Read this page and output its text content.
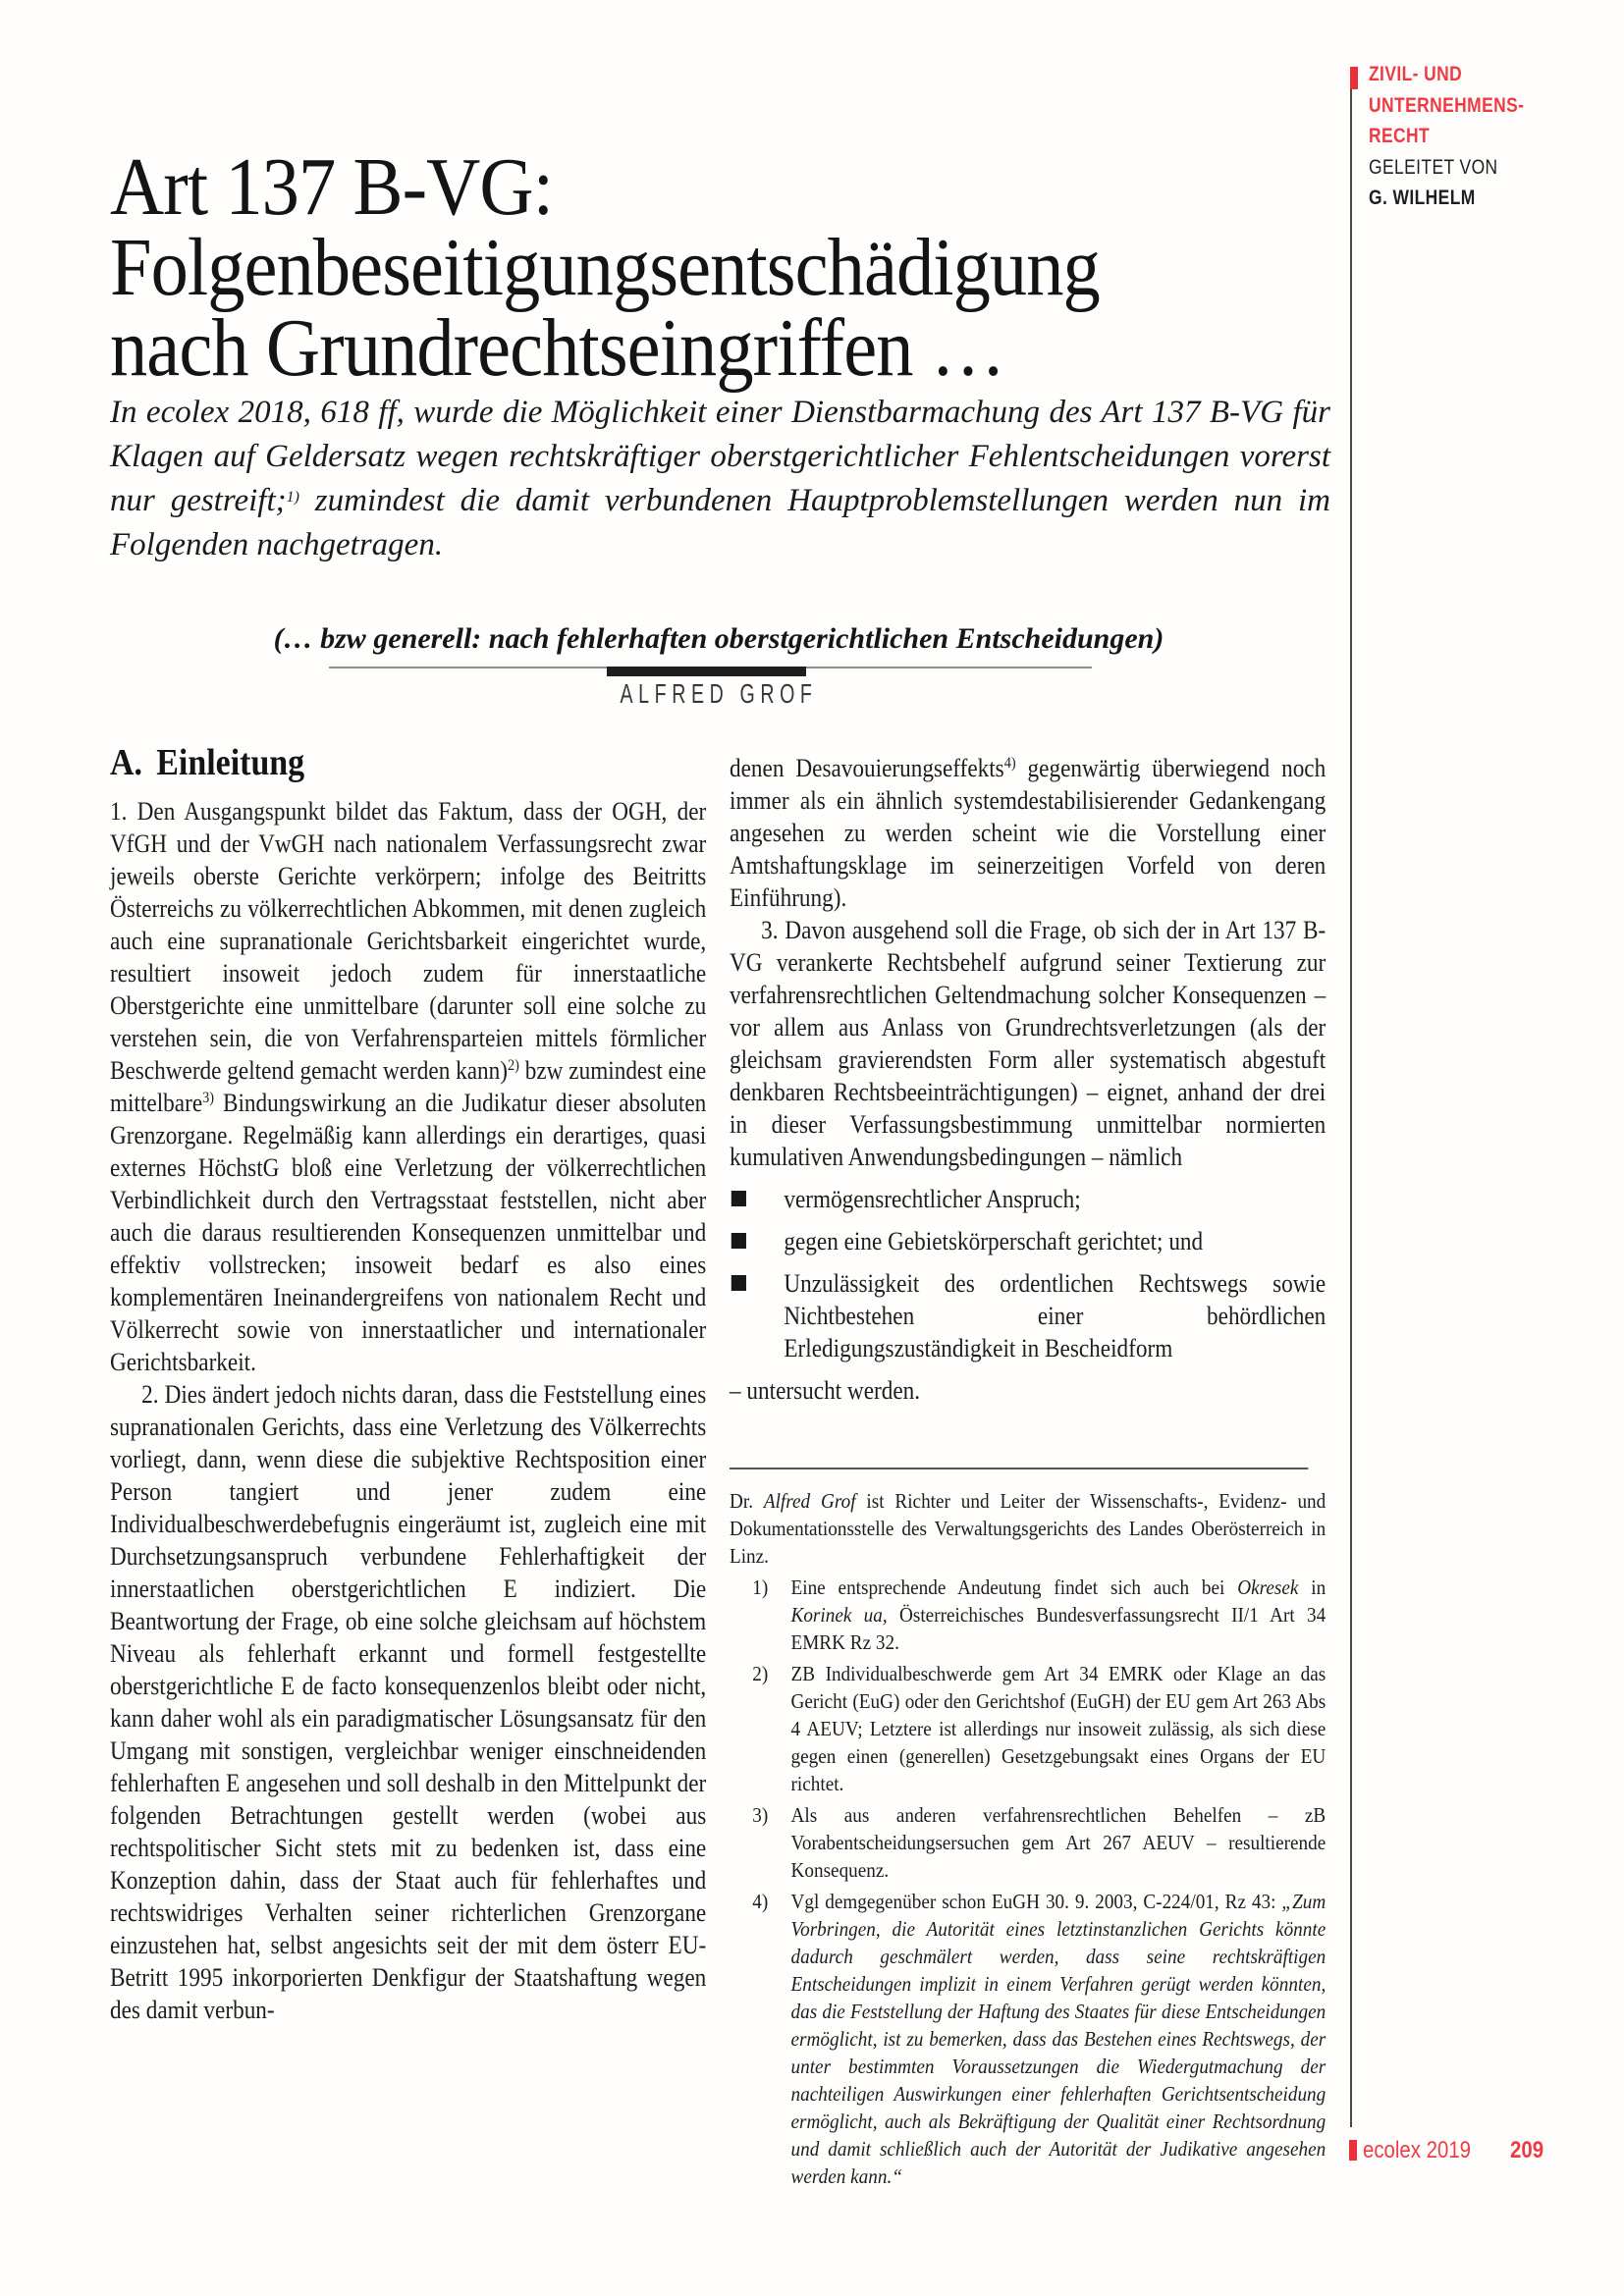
ZIVIL- UND
UNTERNEHMENS-
RECHT
GELEITET VON
G. WILHELM
Art 137 B-VG:
Folgenbeseitigungsentschädigung
nach Grundrechtseingriffen …
In ecolex 2018, 618 ff, wurde die Möglichkeit einer Dienstbarmachung des Art 137 B-VG für Klagen auf Geldersatz wegen rechtskräftiger oberstgerichtlicher Fehlentscheidungen vorerst nur gestreift;$^{1)}$ zumindest die damit verbundenen Hauptproblemstellungen werden nun im Folgenden nachgetragen.
(… bzw generell: nach fehlerhaften oberstgerichtlichen Entscheidungen)
ALFRED GROF
A. Einleitung

1. Den Ausgangspunkt bildet das Faktum, dass der OGH, der VfGH und der VwGH nach nationalem Verfassungsrecht zwar jeweils oberste Gerichte verkörpern; infolge des Beitritts Österreichs zu völkerrechtlichen Abkommen, mit denen zugleich auch eine supranationale Gerichtsbarkeit eingerichtet wurde, resultiert insoweit jedoch zudem für innerstaatliche Oberstgerichte eine unmittelbare (darunter soll eine solche zu verstehen sein, die von Verfahrensparteien mittels förmlicher Beschwerde geltend gemacht werden kann)$^{2)}$ bzw zumindest eine mittelbare$^{3)}$ Bindungswirkung an die Judikatur dieser absoluten Grenzorgane. Regelmäßig kann allerdings ein derartiges, quasi externes HöchstG bloß eine Verletzung der völkerrechtlichen Verbindlichkeit durch den Vertragsstaat feststellen, nicht aber auch die daraus resultierenden Konsequenzen unmittelbar und effektiv vollstrecken; insoweit bedarf es also eines komplementären Ineinandergreifens von nationalem Recht und Völkerrecht sowie von innerstaatlicher und internationaler Gerichtsbarkeit.

2. Dies ändert jedoch nichts daran, dass die Feststellung eines supranationalen Gerichts, dass eine Verletzung des Völkerrechts vorliegt, dann, wenn diese die subjektive Rechtsposition einer Person tangiert und jener zudem eine Individualbeschwerdebefugnis eingeräumt ist, zugleich eine mit Durchsetzungsanspruch verbundene Fehlerhaftigkeit der innerstaatlichen oberstgerichtlichen E indiziert. Die Beantwortung der Frage, ob eine solche gleichsam auf höchstem Niveau als fehlerhaft erkannt und formell festgestellte oberstgerichtliche E de facto konsequenzenlos bleibt oder nicht, kann daher wohl als ein paradigmatischer Lösungsansatz für den Umgang mit sonstigen, vergleichbar weniger einschneidenden fehlerhaften E angesehen und soll deshalb in den Mittelpunkt der folgenden Betrachtungen gestellt werden (wobei aus rechtspolitischer Sicht stets mit zu bedenken ist, dass eine Konzeption dahin, dass der Staat auch für fehlerhaftes und rechtswidriges Verhalten seiner richterlichen Grenzorgane einzustehen hat, selbst angesichts seit der mit dem österr EU-Betritt 1995 inkorporierten Denkfigur der Staatshaftung wegen des damit verbun-

denen Desavouierungseffekts$^{4)}$ gegenwärtig überwiegend noch immer als ein ähnlich systemdestabilisierender Gedankengang angesehen zu werden scheint wie die Vorstellung einer Amtshaftungsklage im seinerzeitigen Vorfeld von deren Einführung).

3. Davon ausgehend soll die Frage, ob sich der in Art 137 B-VG verankerte Rechtsbehelf aufgrund seiner Textierung zur verfahrensrechtlichen Geltendmachung solcher Konsequenzen – vor allem aus Anlass von Grundrechtsverletzungen (als der gleichsam gravierendsten Form aller systematisch abgestuft denkbaren Rechtsbeeinträchtigungen) – eignet, anhand der drei in dieser Verfassungsbestimmung unmittelbar normierten kumulativen Anwendungsbedingungen – nämlich

vermögensrechtlicher Anspruch;
gegen eine Gebietskörperschaft gerichtet; und
Unzulässigkeit des ordentlichen Rechtswegs sowie Nichtbestehen einer behördlichen Erledigungszuständigkeit in Bescheidform

– untersucht werden.

Dr. Alfred Grof ist Richter und Leiter der Wissenschafts-, Evidenz- und Dokumentationsstelle des Verwaltungsgerichts des Landes Oberösterreich in Linz.

1) Eine entsprechende Andeutung findet sich auch bei Okresek in Korinek ua, Österreichisches Bundesverfassungsrecht II/1 Art 34 EMRK Rz 32.

2) ZB Individualbeschwerde gem Art 34 EMRK oder Klage an das Gericht (EuG) oder den Gerichtshof (EuGH) der EU gem Art 263 Abs 4 AEUV; Letztere ist allerdings nur insoweit zulässig, als sich diese gegen einen (generellen) Gesetzgebungsakt eines Organs der EU richtet.

3) Als aus anderen verfahrensrechtlichen Behelfen – zB Vorabentscheidungsersuchen gem Art 267 AEUV – resultierende Konsequenz.

4) Vgl demgegenüber schon EuGH 30. 9. 2003, C-224/01, Rz 43: „Zum Vorbringen, die Autorität eines letztinstanzlichen Gerichts könnte dadurch geschmälert werden, dass seine rechtskräftigen Entscheidungen implizit in einem Verfahren gerügt werden könnten, das die Feststellung der Haftung des Staates für diese Entscheidungen ermöglicht, ist zu bemerken, dass das Bestehen eines Rechtswegs, der unter bestimmten Voraussetzungen die Wiedergutmachung der nachteiligen Auswirkungen einer fehlerhaften Gerichtsentscheidung ermöglicht, auch als Bekräftigung der Qualität einer Rechtsordnung und damit schließlich auch der Autorität der Judikative angesehen werden kann.“

ecolex 2019 209
